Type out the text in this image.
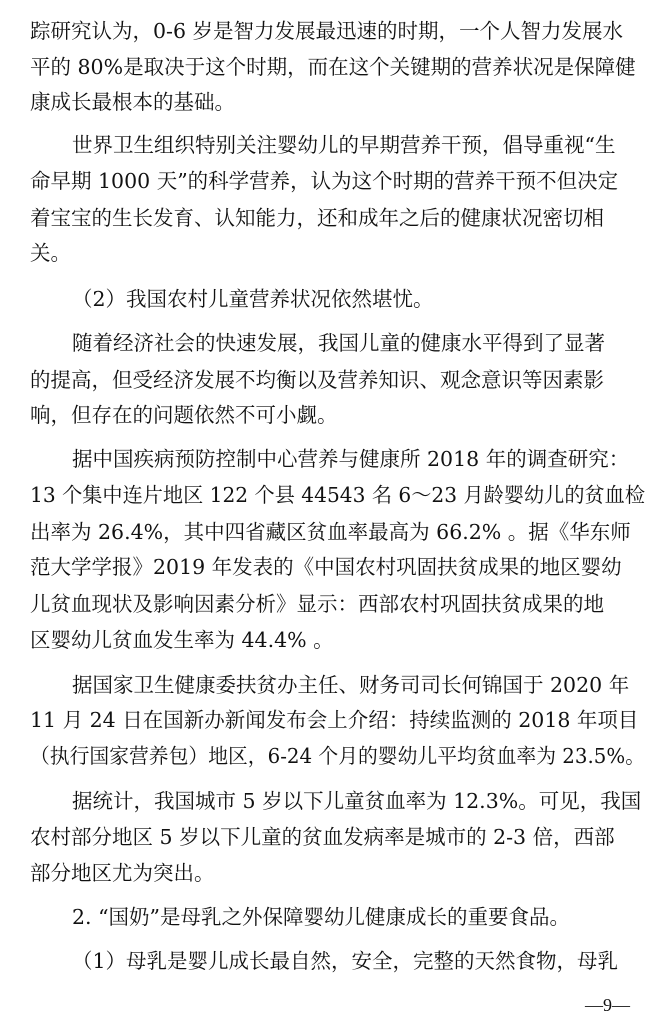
踪研究认为，0-6 岁是智力发展最迅速的时期，一个人智力发展水
平的 80%是取决于这个时期，而在这个关键期的营养状况是保障健
康成长最根本的基础。
世界卫生组织特别关注婴幼儿的早期营养干预，倡导重视“生
命早期 1000 天”的科学营养，认为这个时期的营养干预不但决定
着宝宝的生长发育、认知能力，还和成年之后的健康状况密切相
关。
（2）我国农村儿童营养状况依然堪忧。
随着经济社会的快速发展，我国儿童的健康水平得到了显著
的提高，但受经济发展不均衡以及营养知识、观念意识等因素影
响，但存在的问题依然不可小觑。
据中国疾病预防控制中心营养与健康所 2018 年的调查研究：
13 个集中连片地区 122 个县 44543 名 6～23 月龄婴幼儿的贫血检
出率为 26.4%，其中四省藏区贫血率最高为 66.2% 。据《华东师
范大学学报》2019 年发表的《中国农村巩固扶贫成果的地区婴幼
儿贫血现状及影响因素分析》显示：西部农村巩固扶贫成果的地
区婴幼儿贫血发生率为 44.4% 。
据国家卫生健康委扶贫办主任、财务司司长何锦国于 2020 年
11 月 24 日在国新办新闻发布会上介绍：持续监测的 2018 年项目
（执行国家营养包）地区，6-24 个月的婴幼儿平均贫血率为 23.5%。
据统计，我国城市 5 岁以下儿童贫血率为 12.3%。可见，我国
农村部分地区 5 岁以下儿童的贫血发病率是城市的 2-3 倍，西部
部分地区尤为突出。
2. “国奶”是母乳之外保障婴幼儿健康成长的重要食品。
（1）母乳是婴儿成长最自然，安全，完整的天然食物，母乳
—9—
